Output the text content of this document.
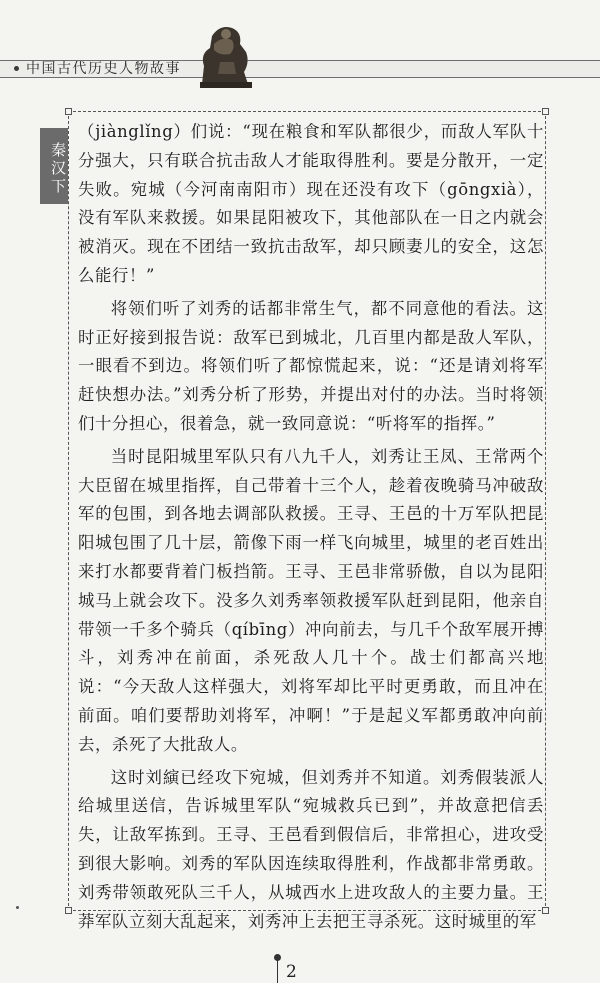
中国古代历史人物故事
秦汉下

（jiànglǐng）们说：“现在粮食和军队都很少，而敌人军队十分强大，只有联合抗击敌人才能取得胜利。要是分散开，一定失败。宛城（今河南南阳市）现在还没有攻下（gōngxià），没有军队来救援。如果昆阳被攻下，其他部队在一日之内就会被消灭。现在不团结一致抗击敌军，却只顾妻儿的安全，这怎么能行！”

将领们听了刘秀的话都非常生气，都不同意他的看法。这时正好接到报告说：敌军已到城北，几百里内都是敌人军队，一眼看不到边。将领们听了都惊慌起来，说：“还是请刘将军赶快想办法。”刘秀分析了形势，并提出对付的办法。当时将领们十分担心，很着急，就一致同意说：“听将军的指挥。”

当时昆阳城里军队只有八九千人，刘秀让王凤、王常两个大臣留在城里指挥，自己带着十三个人，趁着夜晚骑马冲破敌军的包围，到各地去调部队救援。王寻、王邑的十万军队把昆阳城包围了几十层，箭像下雨一样飞向城里，城里的老百姓出来打水都要背着门板挡箭。王寻、王邑非常骄傲，自以为昆阳城马上就会攻下。没多久刘秀率领救援军队赶到昆阳，他亲自带领一千多个骑兵（qíbīng）冲向前去，与几千个敌军展开搏斗，刘秀冲在前面，杀死敌人几十个。战士们都高兴地说：“今天敌人这样强大，刘将军却比平时更勇敢，而且冲在前面。咱们要帮助刘将军，冲啊！”于是起义军都勇敢冲向前去，杀死了大批敌人。

这时刘縯已经攻下宛城，但刘秀并不知道。刘秀假装派人给城里送信，告诉城里军队“宛城救兵已到”，并故意把信丢失，让敌军拣到。王寻、王邑看到假信后，非常担心，进攻受到很大影响。刘秀的军队因连续取得胜利，作战都非常勇敢。刘秀带领敢死队三千人，从城西水上进攻敌人的主要力量。王莽军队立刻大乱起来，刘秀冲上去把王寻杀死。这时城里的军

2
